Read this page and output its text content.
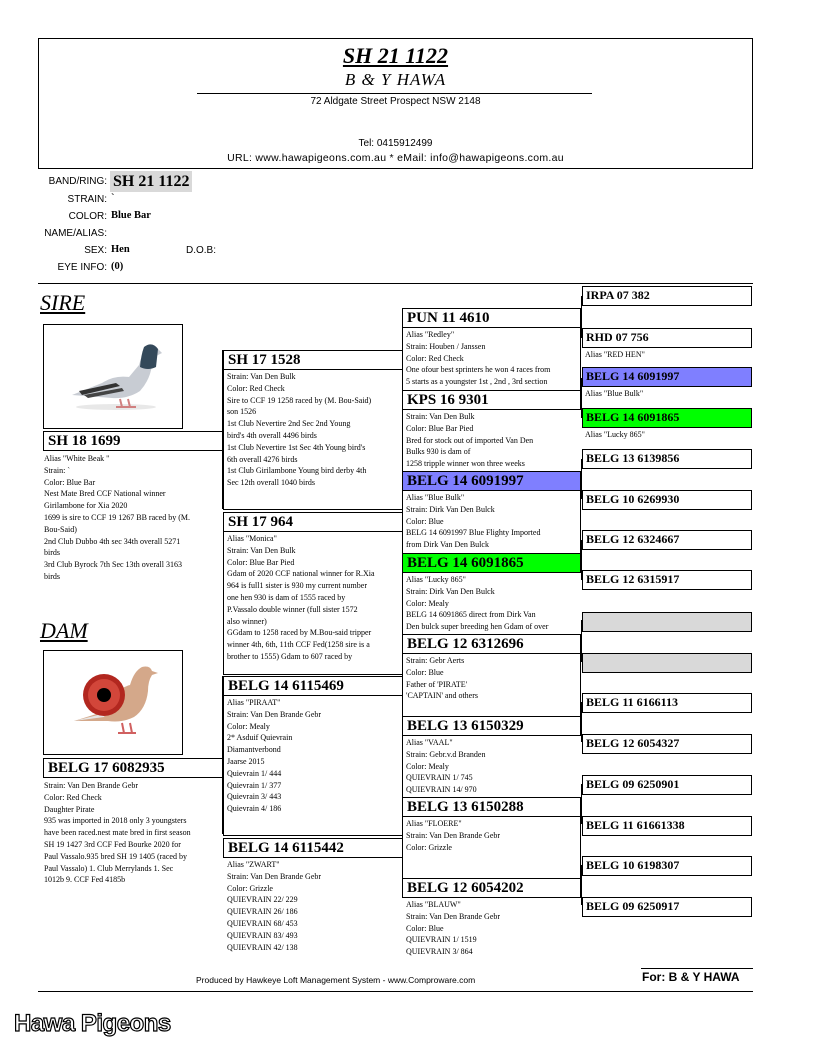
SH 21 1122
B & Y HAWA
72 Aldgate Street Prospect NSW 2148
Tel: 0415912499
URL: www.hawapigeons.com.au * eMail: info@hawapigeons.com.au
BAND/RING: SH 21 1122
STRAIN: `
COLOR: Blue Bar
NAME/ALIAS:
SEX: Hen	D.O.B:
EYE INFO: (0)
SIRE
SH 18 1699
Alias "White Beak "
Strain: `
Color: Blue Bar
Nest Mate Bred CCF National winner
Girilambone for Xia 2020
1699 is sire to CCF 19 1267 BB raced by (M.
Bou-Said)
2nd Club Dubbo 4th sec 34th overall 5271
birds
3rd Club Byrock 7th Sec 13th overall 3163
birds
DAM
BELG 17 6082935
Strain: Van Den Brande Gebr
Color: Red Check
Daughter Pirate
935 was imported in 2018 only 3 youngsters
have been raced.nest mate bred in first season
SH 19 1427 3rd CCF Fed Bourke 2020 for
Paul Vassalo.935 bred SH 19 1405 (raced by
Paul Vassalo) 1. Club Merrylands 1. Sec
1012b 9. CCF Fed 4185b
SH 17 1528
Strain: Van Den Bulk
Color: Red Check
Sire to CCF 19 1258 raced by (M. Bou-Said)
son 1526
1st Club Nevertire 2nd Sec 2nd Young
bird's 4th overall 4496 birds
1st Club Nevertire 1st Sec 4th Young bird's
6th overall 4276 birds
1st Club Girilambone Young bird derby 4th
Sec 12th overall 1040 birds
SH 17 964
Alias "Monica"
Strain: Van Den Bulk
Color: Blue Bar Pied
Gdam of 2020 CCF national winner for R.Xia
964 is full1 sister is 930 my current number
one hen 930 is dam of 1555 raced by
P.Vassalo double winner (full sister 1572
also winner)
GGdam to 1258 raced by M.Bou-said tripper
winner 4th, 6th, 11th CCF Fed(1258 sire is a
brother to 1555) Gdam to 607 raced by
BELG 14 6115469
Alias "PIRAAT"
Strain: Van Den Brande Gebr
Color: Mealy
2* Asduif Quievrain
Diamantverbond
Jaarse 2015
Quievrain 1/ 444
Quievrain 1/ 377
Quievrain 3/ 443
Quievrain 4/ 186
BELG 14 6115442
Alias "ZWART"
Strain: Van Den Brande Gebr
Color: Grizzle
QUIEVRAIN 22/ 229
QUIEVRAIN 26/ 186
QUIEVRAIN 68/ 453
QUIEVRAIN 83/ 493
QUIEVRAIN 42/ 138
PUN 11 4610
Alias "Redley"
Strain: Houben / Janssen
Color: Red Check
One ofour best sprinters he won 4 races from
5 starts as a youngster 1st , 2nd , 3rd section
KPS 16 9301
Strain: Van Den Bulk
Color: Blue Bar Pied
Bred for stock out of imported Van Den
Bulks 930 is dam of
1258 tripple winner won three weeks
BELG 14 6091997
Alias "Blue Bulk"
Strain: Dirk Van Den Bulck
Color: Blue
BELG 14 6091997 Blue Flighty Imported
from Dirk Van Den Bulck
BELG 14 6091865
Alias "Lucky 865"
Strain: Dirk Van Den Bulck
Color: Mealy
BELG 14 6091865 direct from Dirk Van
Den bulck super breeding hen Gdam of over
BELG 12 6312696
Strain: Gebr Aerts
Color: Blue
Father of 'PIRATE'
'CAPTAIN' and others
BELG 13 6150329
Alias "VAAL"
Strain: Gebr.v.d Branden
Color: Mealy
QUIEVRAIN 1/ 745
QUIEVRAIN 14/ 970
BELG 13 6150288
Alias "FLOERE"
Strain: Van Den Brande Gebr
Color: Grizzle
BELG 12 6054202
Alias "BLAUW"
Strain: Van Den Brande Gebr
Color: Blue
QUIEVRAIN 1/ 1519
QUIEVRAIN 3/ 864
IRPA 07 382
RHD 07 756
Alias "RED HEN"
BELG 14 6091997
Alias "Blue Bulk"
BELG 14 6091865
Alias "Lucky 865"
BELG 13 6139856
BELG 10 6269930
BELG 12 6324667
BELG 12 6315917
BELG 11 6166113
BELG 12 6054327
BELG 09 6250901
BELG 11 61661338
BELG 10 6198307
BELG 09 6250917
Produced by Hawkeye Loft Management System - www.Comproware.com	For: B & Y HAWA
Hawa Pigeons
